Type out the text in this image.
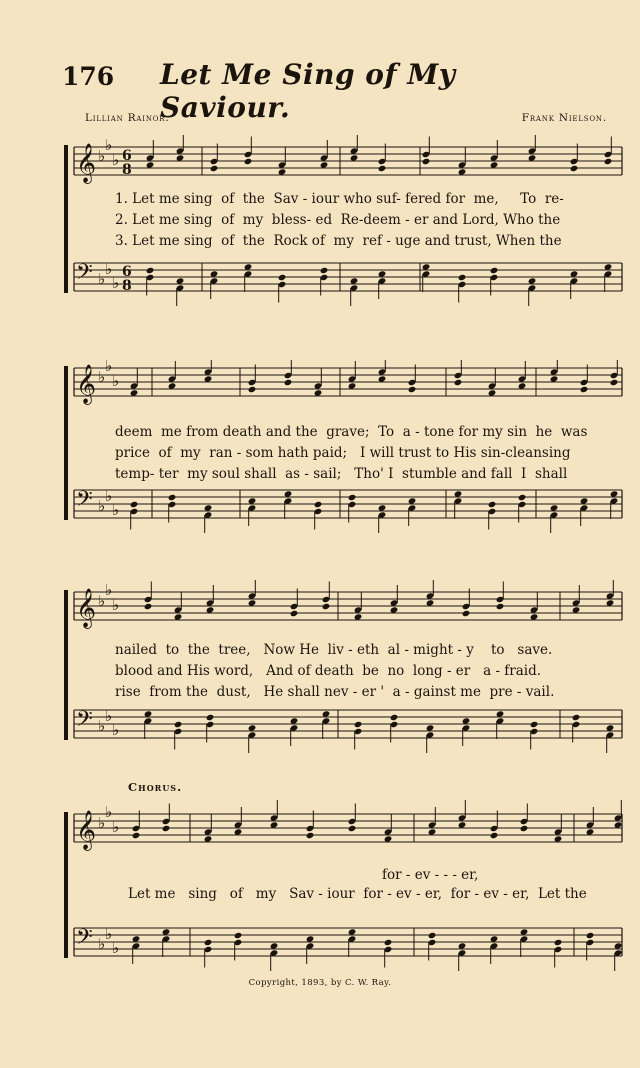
176 Let Me Sing of My Saviour.
Lillian Rainor.	Frank Nielson.
𝄞 ♭
♭
♭ 6
8
𝄢 ♭
♭
♭
6
8
1. Let me sing  of  the  Sav - iour who suf- fered for  me,     To  re-
2. Let me sing  of  my  bless- ed  Re-deem - er and Lord, Who the
3. Let me sing  of  the  Rock of  my  ref - uge and trust, When the
𝄞 ♭
♭
♭
𝄢 ♭
♭
♭
deem  me from death and the  grave;  To  a - tone for my sin  he  was
price  of  my  ran - som hath paid;   I will trust to His sin-cleansing
temp- ter  my soul shall  as - sail;   Tho' I  stumble and fall  I  shall
𝄞 ♭
♭
♭
𝄢 ♭
♭
♭
nailed  to  the  tree,   Now He  liv - eth  al - might - y    to   save.
blood and His word,   And of death  be  no  long - er   a - fraid.
rise  from the  dust,   He shall nev - er '  a - gainst me  pre - vail.
Chorus.
𝄞 ♭
♭
♭
𝄢 ♭
♭
♭
for - ev - - - er,
Let me   sing   of   my   Sav - iour  for - ev - er,  for - ev - er,  Let the
Copyright, 1893, by C. W. Ray.
